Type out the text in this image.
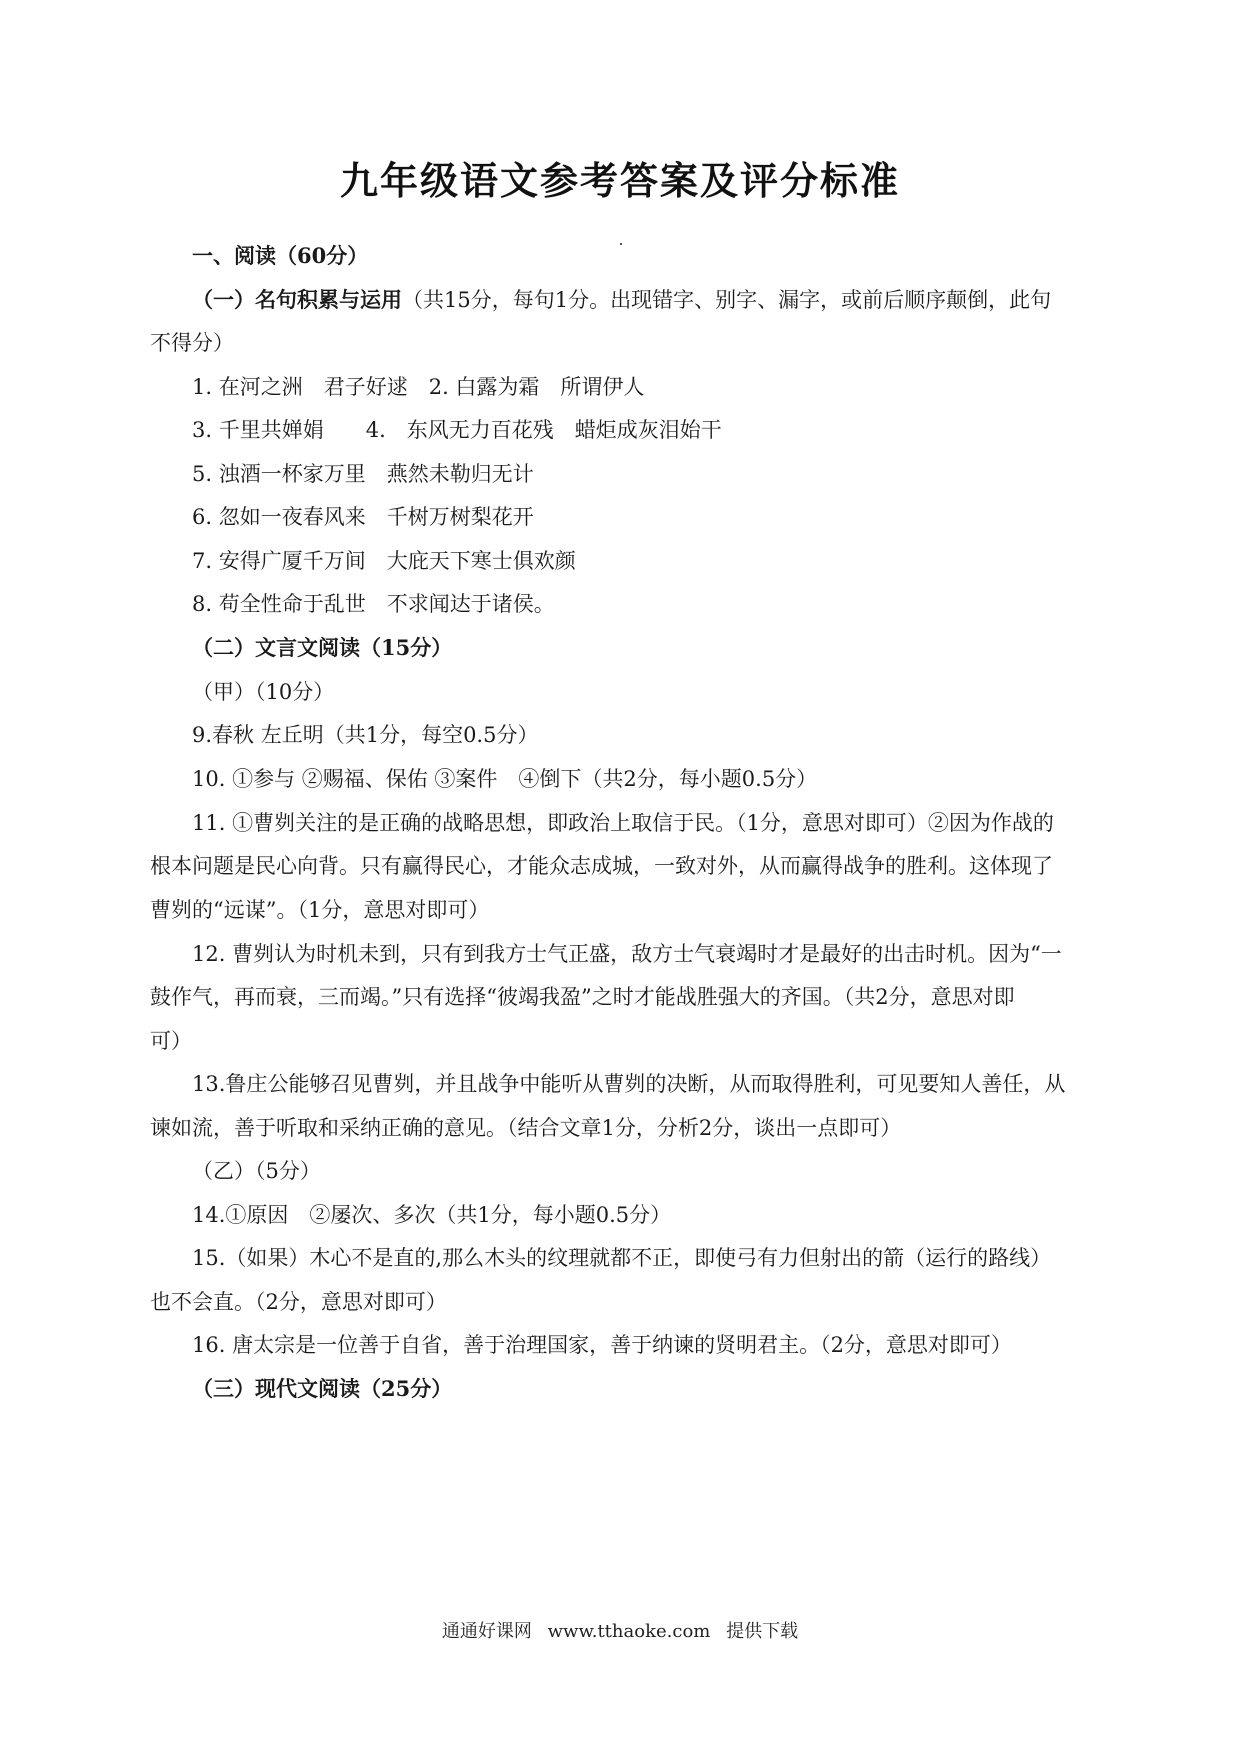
九年级语文参考答案及评分标准
一、阅读（60分）
（一）名句积累与运用（共15分，每句1分。出现错字、别字、漏字，或前后顺序颠倒，此句
不得分）
1. 在河之洲　君子好逑　2. 白露为霜　所谓伊人
3. 千里共婵娟　　4.　东风无力百花残　蜡炬成灰泪始干
5. 浊酒一杯家万里　燕然未勒归无计
6. 忽如一夜春风来　千树万树梨花开
7. 安得广厦千万间　大庇天下寒士俱欢颜
8. 苟全性命于乱世　不求闻达于诸侯。
（二）文言文阅读（15分）
（甲）（10分）
9.春秋 左丘明（共1分，每空0.5分）
10. ①参与 ②赐福、保佑 ③案件　④倒下（共2分，每小题0.5分）
11. ①曹刿关注的是正确的战略思想，即政治上取信于民。（1分，意思对即可）②因为作战的
根本问题是民心向背。只有赢得民心，才能众志成城，一致对外，从而赢得战争的胜利。这体现了
曹刿的“远谋”。（1分，意思对即可）
12. 曹刿认为时机未到，只有到我方士气正盛，敌方士气衰竭时才是最好的出击时机。因为“一
鼓作气，再而衰，三而竭。”只有选择“彼竭我盈”之时才能战胜强大的齐国。（共2分，意思对即
可）
13.鲁庄公能够召见曹刿，并且战争中能听从曹刿的决断，从而取得胜利，可见要知人善任，从
谏如流，善于听取和采纳正确的意见。（结合文章1分，分析2分，谈出一点即可）
（乙）（5分）
14.①原因　②屡次、多次（共1分，每小题0.5分）
15.（如果）木心不是直的,那么木头的纹理就都不正，即使弓有力但射出的箭（运行的路线）
也不会直。（2分，意思对即可）
16. 唐太宗是一位善于自省，善于治理国家，善于纳谏的贤明君主。（2分，意思对即可）
（三）现代文阅读（25分）
通通好课网 www.tthaoke.com 提供下载
